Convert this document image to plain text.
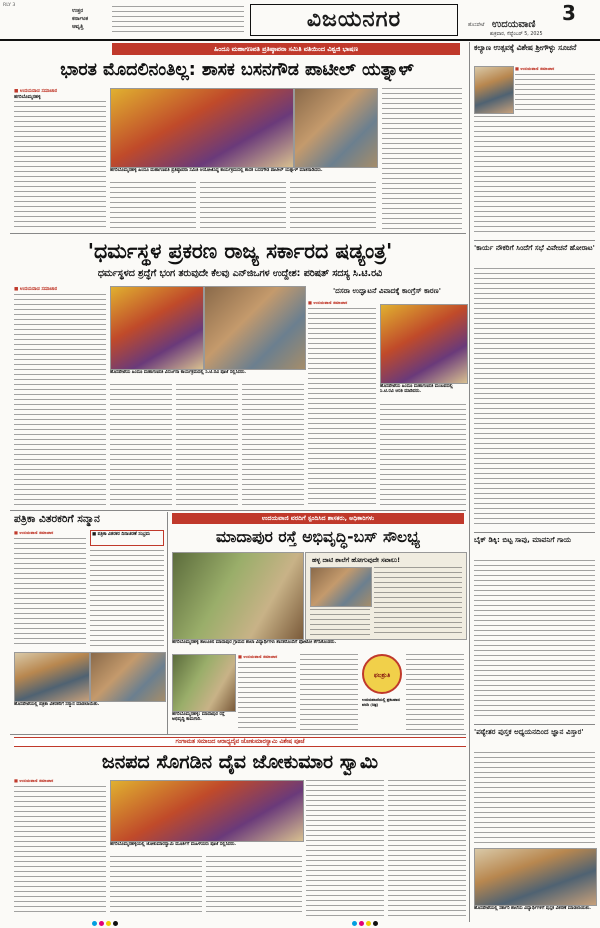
RLY 3
ಉತ್ತರ
ಕರ್ನಾಟಕ
ಆವೃತ್ತಿ	ವಿಜಯನಗರ	3
ಹೊಸಪೇಟೆ ಉದಯವಾಣಿ
ಶುಕ್ರವಾರ, ಸೆಪ್ಟೆಂಬರ್ 5, 2025
ಹಿಂದೂ ಮಹಾಗಣಪತಿ ಪ್ರತಿಷ್ಠಾಪನಾ ಸಮಿತಿ ವತಿಯಿಂದ ವಿಶ್ವಜಿ ಭಾಷಣ
ಭಾರತ ಮೊದಲಿನಂತಿಲ್ಲ: ಶಾಸಕ ಬಸನಗೌಡ ಪಾಟೀಲ್ ಯತ್ನಾಳ್
■ ಉದಯವಾಣಿ ಸಮಾಚಾರ
ಹಗರಿಬೊಮ್ಮನಹಳ್ಳಿ
ಹಗರಿಬೊಮ್ಮನಹಳ್ಳಿ ಹಿಂದೂ ಮಹಾಗಣಪತಿ ಪ್ರತಿಷ್ಠಾಪನಾ ಸಮಿತಿ ಆಯೋಜಿಸಿದ್ದ ಕಾರ್ಯಕ್ರಮದಲ್ಲಿ ಶಾಸಕ ಬಸನಗೌಡ ಪಾಟೀಲ್ ಯತ್ನಾಳ್ ಮಾತನಾಡಿದರು.
ಕಲ್ಯಾಣ ಉತ್ಸವಕ್ಕೆ ವಿಶೇಷ ಶ್ರೀಗೌಳ್ಳು ಸೂಚನೆ
■ ಉದಯವಾಣಿ ಸಮಾಚಾರ
'ಕಾರ್ಯ ನೌಕರಿಗೆ ಸಿಂದೆಗೆ ಸಭೆ ವಿವೇಚನೆ ಹೋರಾಟ'
ಬೈಕ್ ಡಿಕ್ಕಿ: ಬಿಟ್ಟ ಸಾವು, ಮಾವನಿಗೆ ಗಾಯ
'ಧರ್ಮಸ್ಥಳ ಪ್ರಕರಣ ರಾಜ್ಯ ಸರ್ಕಾರದ ಷಡ್ಯಂತ್ರ'
ಧರ್ಮಸ್ಥಳದ ಶ್ರದ್ಧೆಗೆ ಭಂಗ ತರುವುದೇ ಕೆಲವು ಎನ್‌ಜಿಒಗಳ ಉದ್ದೇಶ: ಪರಿಷತ್ ಸದಸ್ಯ ಸಿ.ಟಿ.ರವಿ
■ ಉದಯವಾಣಿ ಸಮಾಚಾರ
ಹೊಸಪೇಟೆಯ ಹಿಂದೂ ಮಹಾಗಣಪತಿ ವಿಸರ್ಜನಾ ಕಾರ್ಯಕ್ರಮದಲ್ಲಿ ಸಿ.ಟಿ.ರವಿ ಪೂಜೆ ಸಲ್ಲಿಸಿದರು.
'ದಸರಾ ಉದ್ಘಾಟನೆ ವಿವಾದಕ್ಕೆ ಕಾಂಗ್ರೆಸ್ ಕಾರಣ'
■ ಉದಯವಾಣಿ ಸಮಾಚಾರ
ಹೊಸಪೇಟೆಯ ಹಿಂದೂ ಮಹಾಗಣಪತಿ ಮಂಟಪದಲ್ಲಿ ಸಿ.ಟಿ.ರವಿ ಆರತಿ ಮಾಡಿದರು.
ಪತ್ರಿಕಾ ವಿತರಕರಿಗೆ ಸನ್ಮಾನ
■ ಉದಯವಾಣಿ ಸಮಾಚಾರ	■ ಪತ್ರಿಕಾ ವಿತರಕರ ದಿನಾಚರಣೆ ಸಂಭ್ರಮ
ಹೊಸಪೇಟೆಯಲ್ಲಿ ಪತ್ರಿಕಾ ವಿತರಕರಿಗೆ ಸನ್ಮಾನ ಮಾಡಲಾಯಿತು.
ಉದಯವಾಣಿ ವರದಿಗೆ ಸ್ಪಂದಿಸಿದ ಶಾಸಕರು, ಅಧಿಕಾರಿಗಳು
ಮಾದಾಪುರ ರಸ್ತೆ ಅಭಿವೃದ್ಧಿ-ಬಸ್ ಸೌಲಭ್ಯ
ಹಳ್ಳ ದಾಟಿ ಶಾಲೆಗೆ ಹೋಗುವುದೇ ಸವಾಲು!
ಹಗರಿಬೊಮ್ಮನಹಳ್ಳಿ ತಾಲೂಕಿನ ಮಾದಾಪುರ ಗ್ರಾಮದ ಶಾಲಾ ವಿದ್ಯಾರ್ಥಿಗಳು ಶಾಸಕರೊಂದಿಗೆ ಫೋಟೋ ತೆಗೆಸಿಕೊಂಡರು.
ಹಗರಿಬೊಮ್ಮನಹಳ್ಳಿ: ಮಾದಾಪುರ ರಸ್ತೆ ಅಭಿವೃದ್ಧಿ ಕಾಮಗಾರಿ.
■ ಉದಯವಾಣಿ ಸಮಾಚಾರ
ಫಲಶ್ರುತಿ
ಉದಯವಾಣಿಯಲ್ಲಿ ಪ್ರಕಟವಾದ ವರದಿ (ಚಿತ್ರ)
ಗಂಗಾಮತ ಸಮಾಜದ ಆರಾಧ್ಯದೈವ ಜೋಕುಮಾರಸ್ವಾಮಿ ವಿಶೇಷ ಪೂಜೆ
ಜನಪದ ಸೊಗಡಿನ ದೈವ ಜೋಕುಮಾರ ಸ್ವಾಮಿ
■ ಉದಯವಾಣಿ ಸಮಾಚಾರ
ಹಗರಿಬೊಮ್ಮನಹಳ್ಳಿಯಲ್ಲಿ ಜೋಕುಮಾರಸ್ವಾಮಿ ಮೂರ್ತಿಗೆ ಮಹಿಳೆಯರು ಪೂಜೆ ಸಲ್ಲಿಸಿದರು.
'ಪಠ್ಯೇತರ ಪುಸ್ತಕ ಅಧ್ಯಯನದಿಂದ ಜ್ಞಾನ ವಿಸ್ತಾರ'
ಹೊಸಪೇಟೆಯಲ್ಲಿ ಸರ್ಕಾರಿ ಶಾಲೆಯ ವಿದ್ಯಾರ್ಥಿಗಳಿಗೆ ಪುಸ್ತಕ ವಿತರಣೆ ಮಾಡಲಾಯಿತು.
